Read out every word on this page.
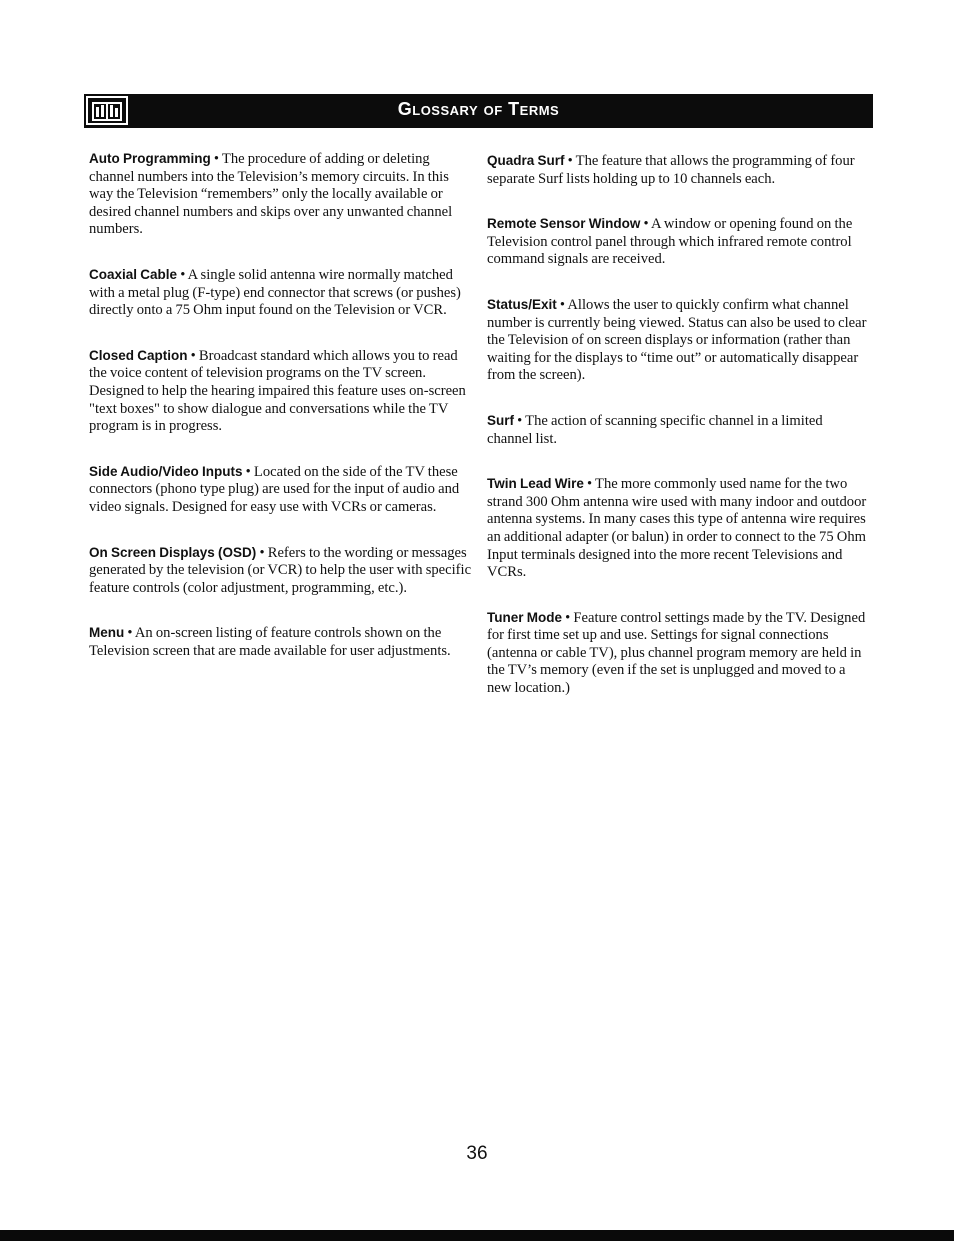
Glossary of Terms

Auto Programming • The procedure of adding or deleting channel numbers into the Television’s memory circuits. In this way the Television “remembers” only the locally available or desired channel numbers and skips over any unwanted channel numbers.

Coaxial Cable • A single solid antenna wire normally matched with a metal plug (F-type) end connector that screws (or pushes) directly onto a 75 Ohm input found on the Television or VCR.

Closed Caption • Broadcast standard which allows you to read the voice content of television programs on the TV screen. Designed to help the hearing impaired this feature uses on-screen "text boxes" to show dialogue and conversations while the TV program is in progress.

Side Audio/Video Inputs • Located on the side of the TV these connectors (phono type plug) are used for the input of audio and video signals. Designed for easy use with VCRs or cameras.

On Screen Displays (OSD) • Refers to the wording or messages generated by the television (or VCR) to help the user with specific feature controls (color adjustment, programming, etc.).

Menu • An on-screen listing of feature controls shown on the Television screen that are made available for user adjustments.

Quadra Surf • The feature that allows the programming of four separate Surf lists holding up to 10 channels each.

Remote Sensor Window • A window or opening found on the Television control panel through which infrared remote control command signals are received.

Status/Exit • Allows the user to quickly confirm what channel number is currently being viewed. Status can also be used to clear the Television of on screen displays or information (rather than waiting for the displays to “time out” or automatically disappear from the screen).

Surf • The action of scanning specific channel in a limited channel list.

Twin Lead Wire • The more commonly used name for the two strand 300 Ohm antenna wire used with many indoor and outdoor antenna systems. In many cases this type of antenna wire requires an additional adapter (or balun) in order to connect to the 75 Ohm Input terminals designed into the more recent Televisions and VCRs.

Tuner Mode • Feature control settings made by the TV. Designed for first time set up and use. Settings for signal connections (antenna or cable TV), plus channel program memory are held in the TV’s memory (even if the set is unplugged and moved to a new location.)

36
